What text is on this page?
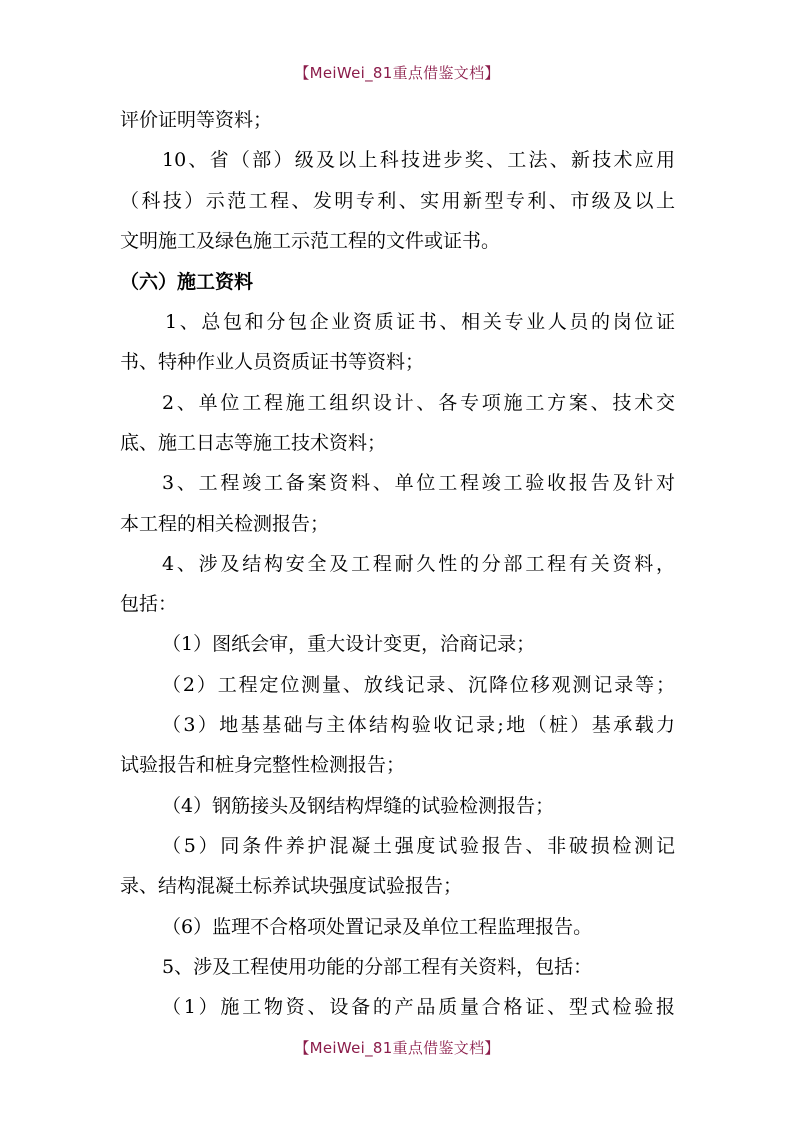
【MeiWei_81重点借鉴文档】
评价证明等资料；
10、省（部）级及以上科技进步奖、工法、新技术应用
（科技）示范工程、发明专利、实用新型专利、市级及以上
文明施工及绿色施工示范工程的文件或证书。
（六）施工资料
1、总包和分包企业资质证书、相关专业人员的岗位证
书、特种作业人员资质证书等资料；
2、单位工程施工组织设计、各专项施工方案、技术交
底、施工日志等施工技术资料；
3、工程竣工备案资料、单位工程竣工验收报告及针对
本工程的相关检测报告；
4、涉及结构安全及工程耐久性的分部工程有关资料，
包括：
（1）图纸会审，重大设计变更，洽商记录；
（2）工程定位测量、放线记录、沉降位移观测记录等；
（3）地基基础与主体结构验收记录;地（桩）基承载力
试验报告和桩身完整性检测报告；
（4）钢筋接头及钢结构焊缝的试验检测报告；
（5）同条件养护混凝土强度试验报告、非破损检测记
录、结构混凝土标养试块强度试验报告；
（6）监理不合格项处置记录及单位工程监理报告。
5、涉及工程使用功能的分部工程有关资料，包括：
（1）施工物资、设备的产品质量合格证、型式检验报
【MeiWei_81重点借鉴文档】
